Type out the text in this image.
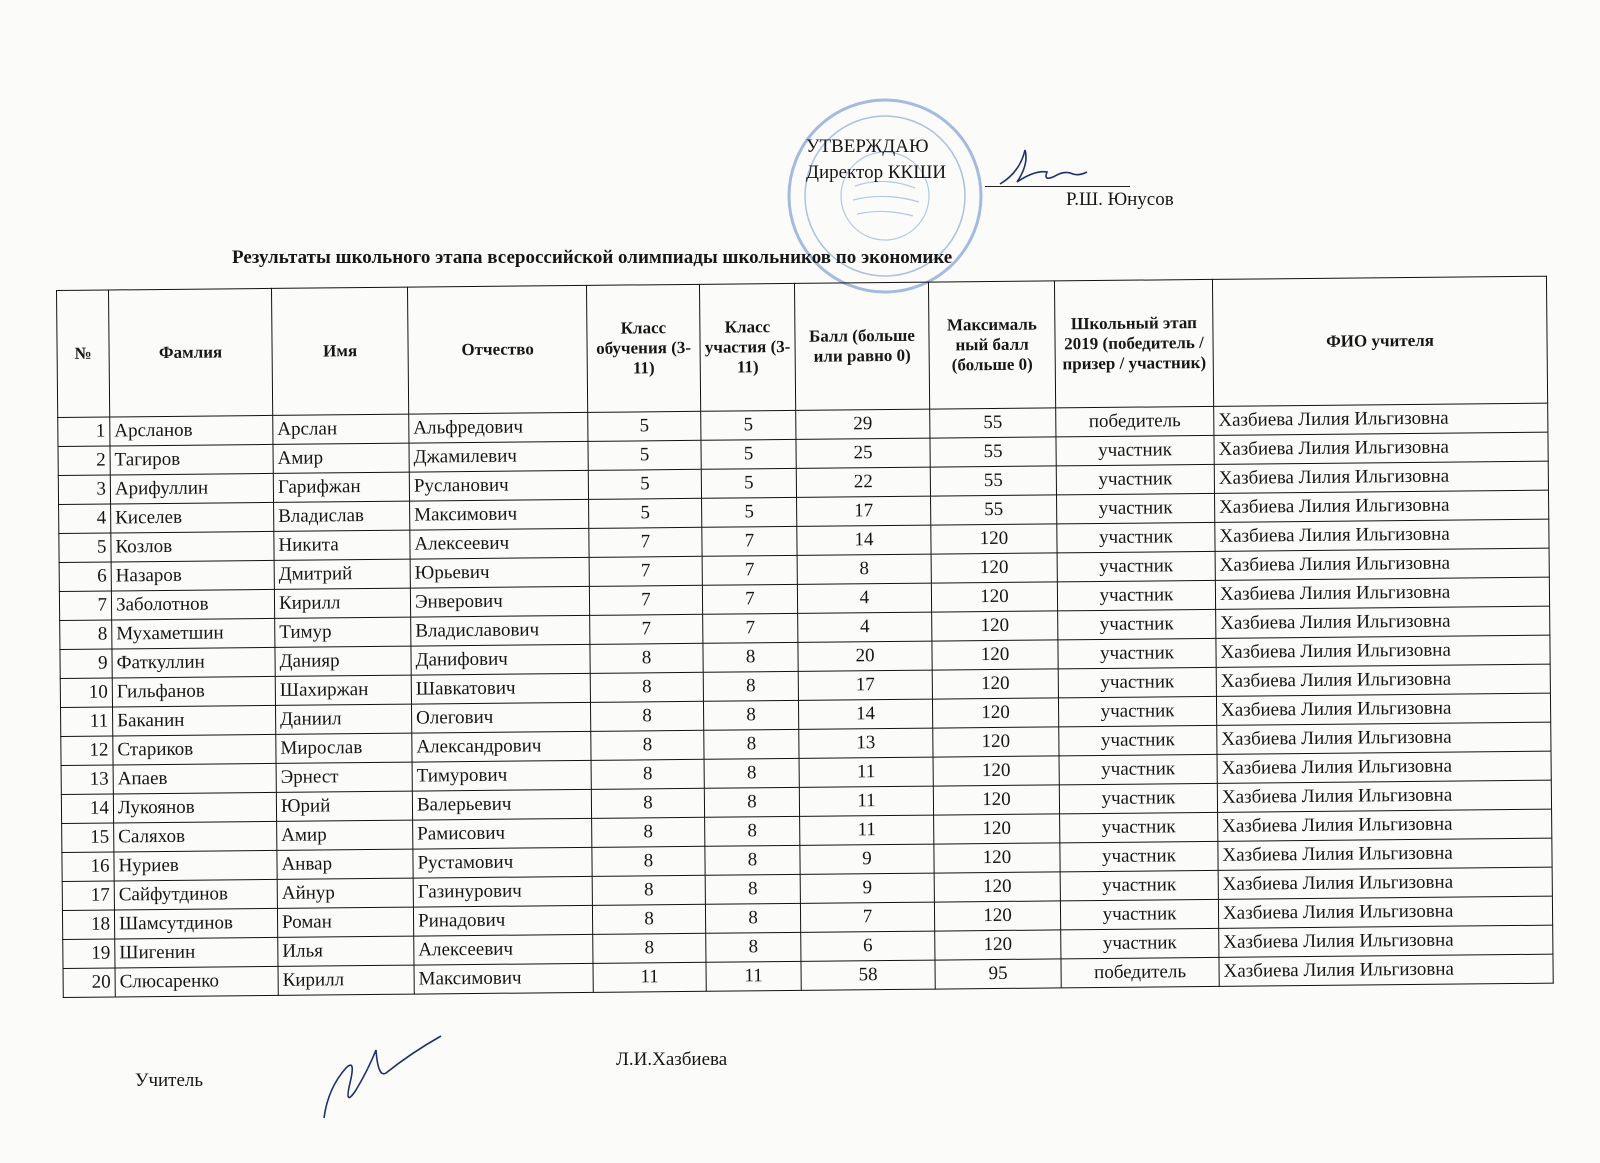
УТВЕРЖДАЮ
Директор ККШИ
Р.Ш. Юнусов
Результаты школьного этапа всероссийской олимпиады школьников по экономике
№	Фамлия	Имя	Отчество	Класс обучения (3-11)	Класс участия (3-11)	Балл (больше или равно 0)	Максималь ный балл (больше 0)	Школьный этап 2019 (победитель / призер / участник)	ФИО учителя
1	Арсланов	Арслан	Альфредович	5	5	29	55	победитель	Хазбиева Лилия Ильгизовна
2	Тагиров	Амир	Джамилевич	5	5	25	55	участник	Хазбиева Лилия Ильгизовна
3	Арифуллин	Гарифжан	Русланович	5	5	22	55	участник	Хазбиева Лилия Ильгизовна
4	Киселев	Владислав	Максимович	5	5	17	55	участник	Хазбиева Лилия Ильгизовна
5	Козлов	Никита	Алексеевич	7	7	14	120	участник	Хазбиева Лилия Ильгизовна
6	Назаров	Дмитрий	Юрьевич	7	7	8	120	участник	Хазбиева Лилия Ильгизовна
7	Заболотнов	Кирилл	Энверович	7	7	4	120	участник	Хазбиева Лилия Ильгизовна
8	Мухаметшин	Тимур	Владиславович	7	7	4	120	участник	Хазбиева Лилия Ильгизовна
9	Фаткуллин	Данияр	Данифович	8	8	20	120	участник	Хазбиева Лилия Ильгизовна
10	Гильфанов	Шахиржан	Шавкатович	8	8	17	120	участник	Хазбиева Лилия Ильгизовна
11	Баканин	Даниил	Олегович	8	8	14	120	участник	Хазбиева Лилия Ильгизовна
12	Стариков	Мирослав	Александрович	8	8	13	120	участник	Хазбиева Лилия Ильгизовна
13	Апаев	Эрнест	Тимурович	8	8	11	120	участник	Хазбиева Лилия Ильгизовна
14	Лукоянов	Юрий	Валерьевич	8	8	11	120	участник	Хазбиева Лилия Ильгизовна
15	Саляхов	Амир	Рамисович	8	8	11	120	участник	Хазбиева Лилия Ильгизовна
16	Нуриев	Анвар	Рустамович	8	8	9	120	участник	Хазбиева Лилия Ильгизовна
17	Сайфутдинов	Айнур	Газинурович	8	8	9	120	участник	Хазбиева Лилия Ильгизовна
18	Шамсутдинов	Роман	Ринадович	8	8	7	120	участник	Хазбиева Лилия Ильгизовна
19	Шигенин	Илья	Алексеевич	8	8	6	120	участник	Хазбиева Лилия Ильгизовна
20	Слюсаренко	Кирилл	Максимович	11	11	58	95	победитель	Хазбиева Лилия Ильгизовна
Учитель
Л.И.Хазбиева
